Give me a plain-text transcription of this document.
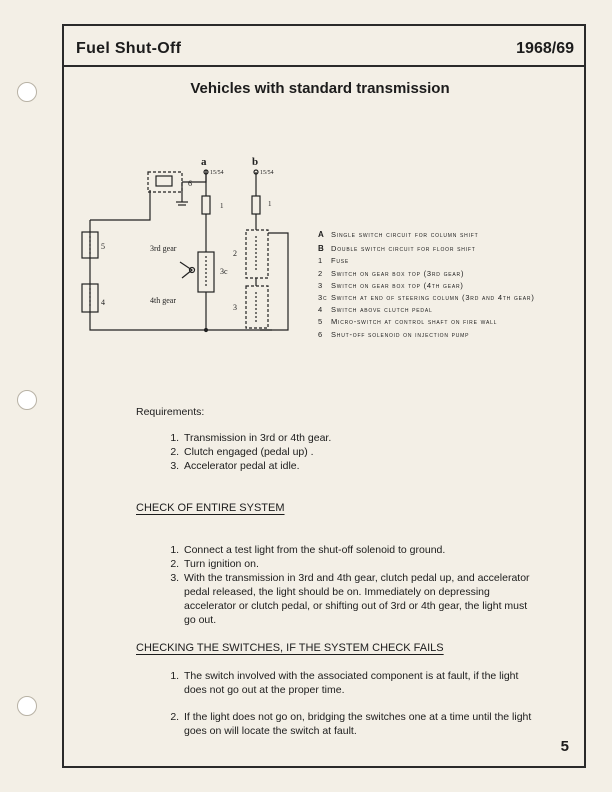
Fuel Shut-Off	1968/69
Vehicles with standard transmission
5
4
6
a
15/54
1
3c
3rd gear
4th gear
b
15/54
1
2
3
a Single switch circuit for column shift
b Double switch circuit for floor shift
1 Fuse
2 Switch on gear box top (3rd gear)
3 Switch on gear box top (4th gear)
3c Switch at end of steering column (3rd and 4th gear)
4 Switch above clutch pedal
5 Micro-switch at control shaft on fire wall
6 Shut-off solenoid on injection pump
Requirements:
1. Transmission in 3rd or 4th gear.
2. Clutch engaged (pedal up) .
3. Accelerator pedal at idle.
CHECK OF ENTIRE SYSTEM
1. Connect a test light from the shut-off solenoid to ground.
2. Turn ignition on.
3. With the transmission in 3rd and 4th gear, clutch pedal up, and accelerator pedal released, the light should be on. Immediately on depressing accelerator or clutch pedal, or shifting out of 3rd or 4th gear, the light must go out.
CHECKING THE SWITCHES, IF THE SYSTEM CHECK FAILS
1. The switch involved with the associated component is at fault, if the light does not go out at the proper time.
2. If the light does not go on, bridging the switches one at a time until the light goes on will locate the switch at fault.
5
